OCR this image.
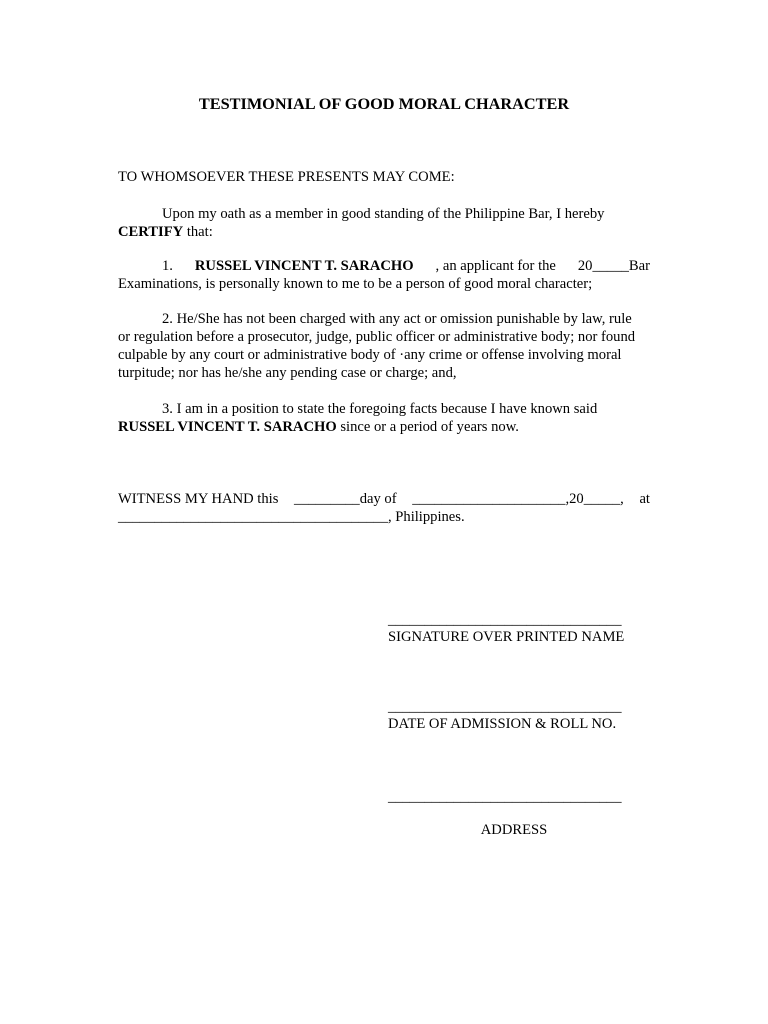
TESTIMONIAL OF GOOD MORAL CHARACTER
TO WHOMSOEVER THESE PRESENTS MAY COME:
Upon my oath as a member in good standing of the Philippine Bar, I hereby
CERTIFY that:
1. RUSSEL VINCENT T. SARACHO , an applicant for the 20_____Bar
Examinations, is personally known to me to be a person of good moral character;
2. He/She has not been charged with any act or omission punishable by law, rule
or regulation before a prosecutor, judge, public officer or administrative body; nor found
culpable by any court or administrative body of ·any crime or offense involving moral
turpitude; nor has he/she any pending case or charge; and,
3. I am in a position to state the foregoing facts because I have known said
RUSSEL VINCENT T. SARACHO since or a period of years now.
WITNESS MY HAND this _________day of _____________________,20_____, at
_____________________________________, Philippines.
________________________________
SIGNATURE OVER PRINTED NAME
________________________________
DATE OF ADMISSION & ROLL NO.
________________________________
ADDRESS
